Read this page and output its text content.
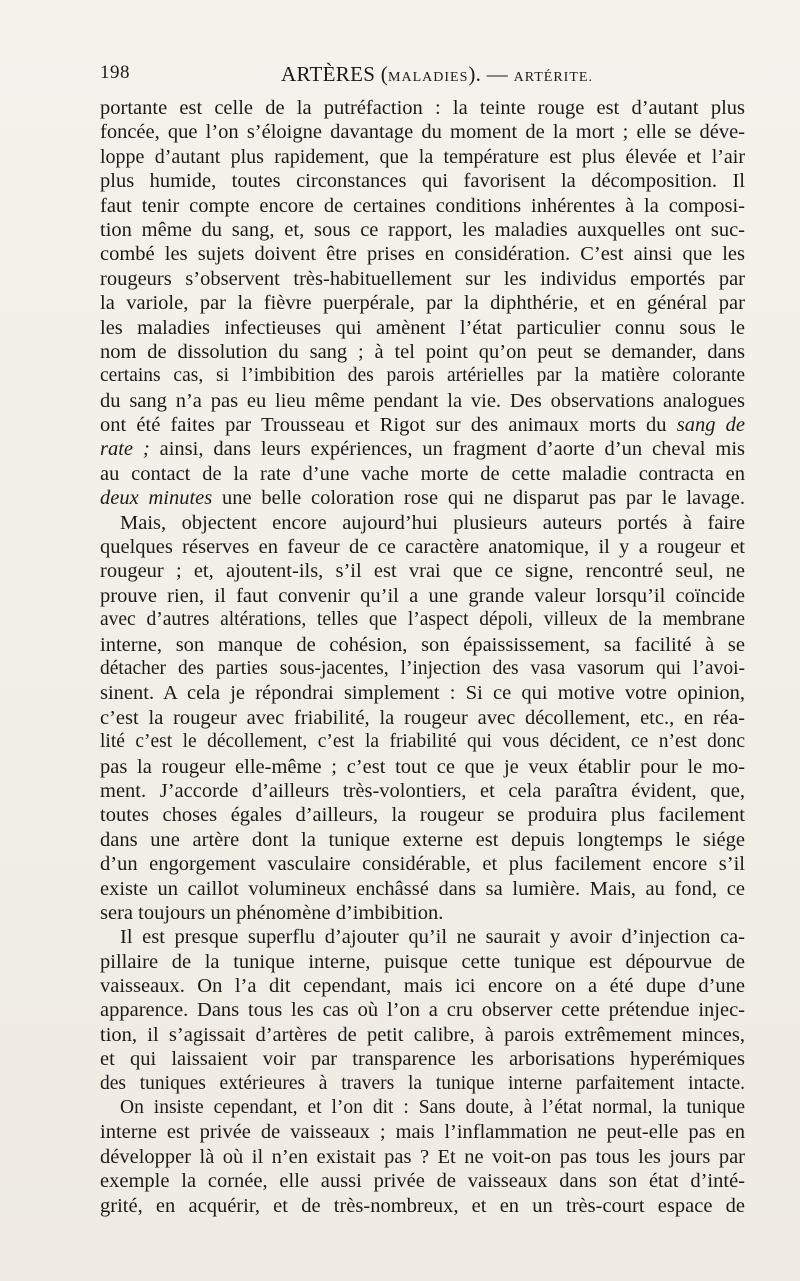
198	ARTÈRES (MALADIES). — ARTÉRITE.
portante est celle de la putréfaction : la teinte rouge est d’autant plus
foncée, que l’on s’éloigne davantage du moment de la mort ; elle se déve-
loppe d’autant plus rapidement, que la température est plus élevée et l’air
plus humide, toutes circonstances qui favorisent la décomposition. Il
faut tenir compte encore de certaines conditions inhérentes à la composi-
tion même du sang, et, sous ce rapport, les maladies auxquelles ont suc-
combé les sujets doivent être prises en considération. C’est ainsi que les
rougeurs s’observent très-habituellement sur les individus emportés par
la variole, par la fièvre puerpérale, par la diphthérie, et en général par
les maladies infectieuses qui amènent l’état particulier connu sous le
nom de dissolution du sang ; à tel point qu’on peut se demander, dans
certains cas, si l’imbibition des parois artérielles par la matière colorante
du sang n’a pas eu lieu même pendant la vie. Des observations analogues
ont été faites par Trousseau et Rigot sur des animaux morts du sang de
rate ; ainsi, dans leurs expériences, un fragment d’aorte d’un cheval mis
au contact de la rate d’une vache morte de cette maladie contracta en
deux minutes une belle coloration rose qui ne disparut pas par le lavage.
Mais, objectent encore aujourd’hui plusieurs auteurs portés à faire
quelques réserves en faveur de ce caractère anatomique, il y a rougeur et
rougeur ; et, ajoutent-ils, s’il est vrai que ce signe, rencontré seul, ne
prouve rien, il faut convenir qu’il a une grande valeur lorsqu’il coïncide
avec d’autres altérations, telles que l’aspect dépoli, villeux de la membrane
interne, son manque de cohésion, son épaississement, sa facilité à se
détacher des parties sous-jacentes, l’injection des vasa vasorum qui l’avoi-
sinent. A cela je répondrai simplement : Si ce qui motive votre opinion,
c’est la rougeur avec friabilité, la rougeur avec décollement, etc., en réa-
lité c’est le décollement, c’est la friabilité qui vous décident, ce n’est donc
pas la rougeur elle-même ; c’est tout ce que je veux établir pour le mo-
ment. J’accorde d’ailleurs très-volontiers, et cela paraîtra évident, que,
toutes choses égales d’ailleurs, la rougeur se produira plus facilement
dans une artère dont la tunique externe est depuis longtemps le siége
d’un engorgement vasculaire considérable, et plus facilement encore s’il
existe un caillot volumineux enchâssé dans sa lumière. Mais, au fond, ce
sera toujours un phénomène d’imbibition.
Il est presque superflu d’ajouter qu’il ne saurait y avoir d’injection ca-
pillaire de la tunique interne, puisque cette tunique est dépourvue de
vaisseaux. On l’a dit cependant, mais ici encore on a été dupe d’une
apparence. Dans tous les cas où l’on a cru observer cette prétendue injec-
tion, il s’agissait d’artères de petit calibre, à parois extrêmement minces,
et qui laissaient voir par transparence les arborisations hyperémiques
des tuniques extérieures à travers la tunique interne parfaitement intacte.
On insiste cependant, et l’on dit : Sans doute, à l’état normal, la tunique
interne est privée de vaisseaux ; mais l’inflammation ne peut-elle pas en
développer là où il n’en existait pas ? Et ne voit-on pas tous les jours par
exemple la cornée, elle aussi privée de vaisseaux dans son état d’inté-
grité, en acquérir, et de très-nombreux, et en un très-court espace de
